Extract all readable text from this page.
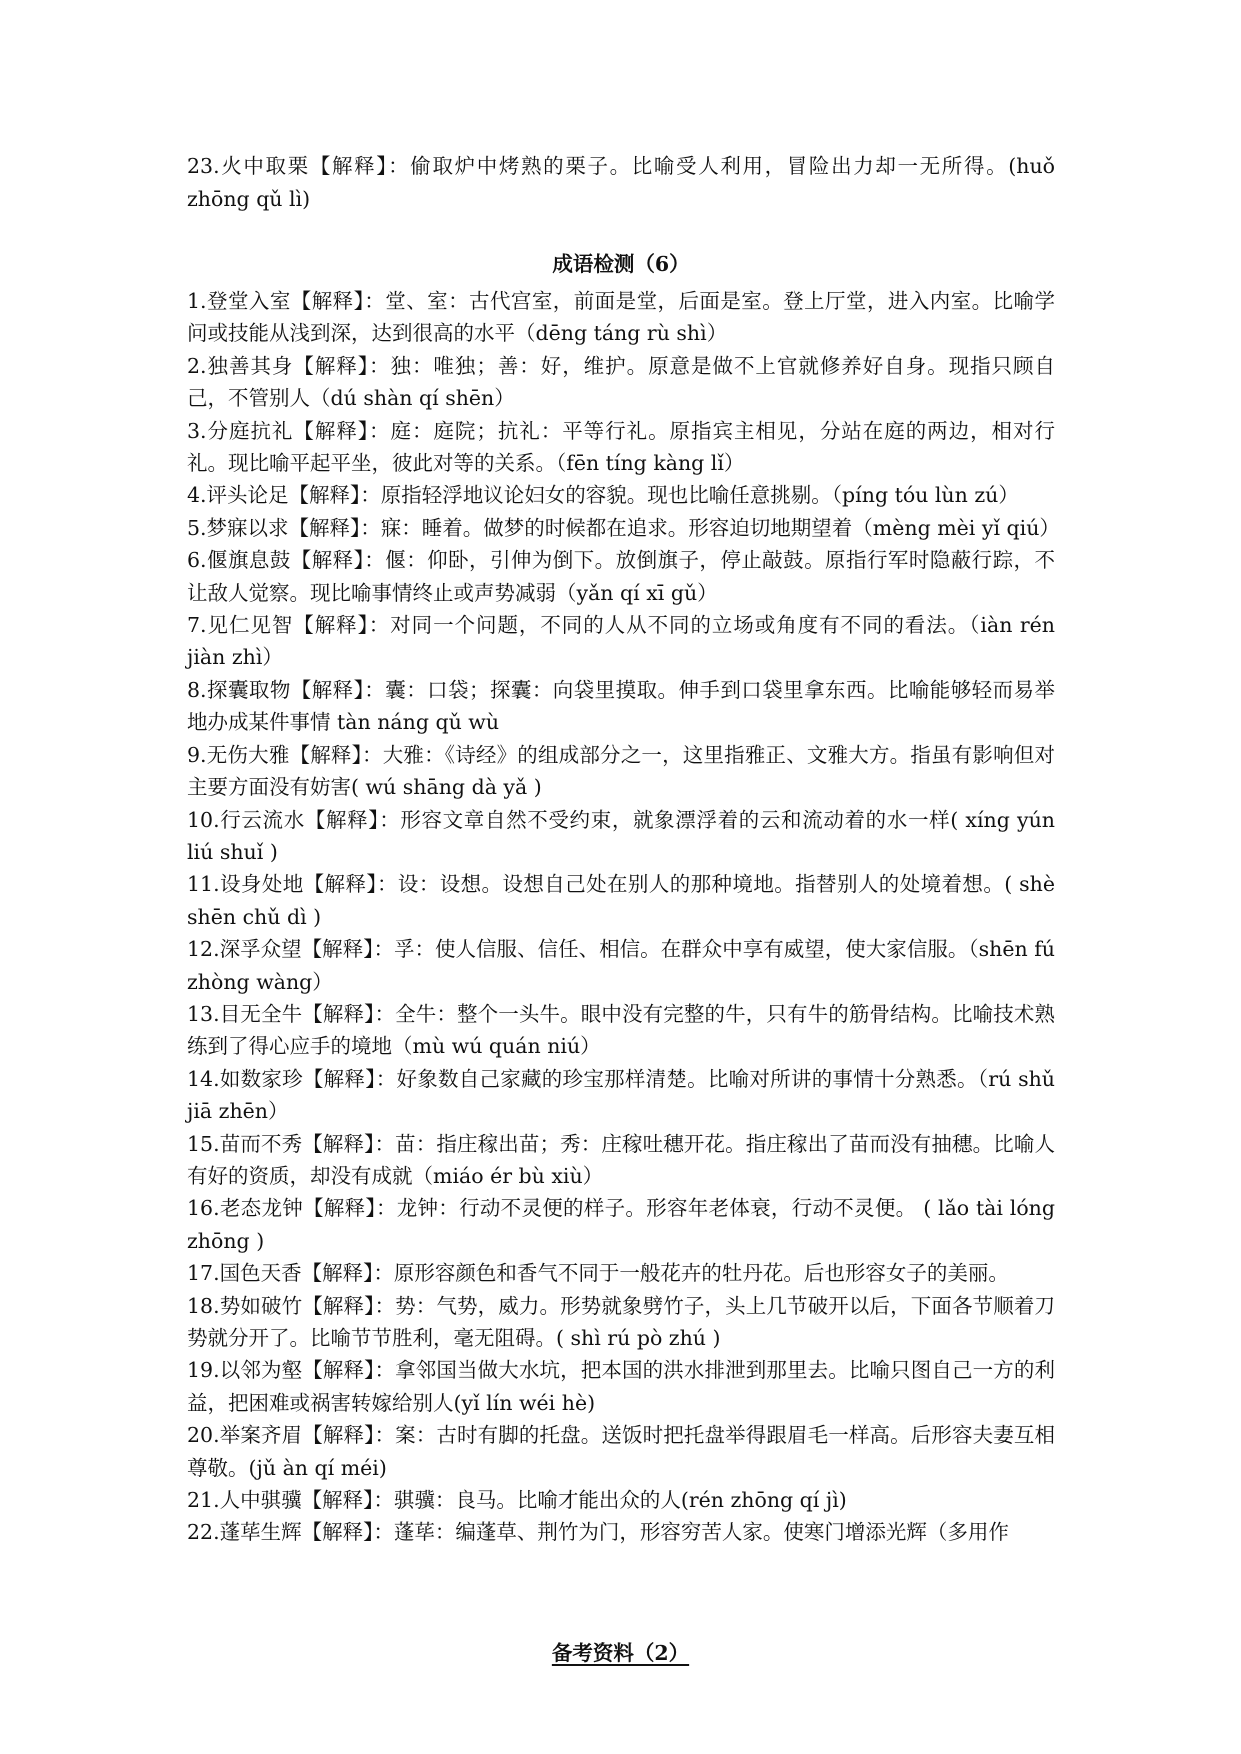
23.火中取栗【解释】：偷取炉中烤熟的栗子。比喻受人利用，冒险出力却一无所得。(huǒ zhōng qǔ lì)

成语检测（6）

1.登堂入室【解释】：堂、室：古代宫室，前面是堂，后面是室。登上厅堂，进入内室。比喻学问或技能从浅到深，达到很高的水平（dēng táng rù shì）

2.独善其身【解释】：独：唯独；善：好，维护。原意是做不上官就修养好自身。现指只顾自己，不管别人（dú shàn qí shēn）

3.分庭抗礼【解释】：庭：庭院；抗礼：平等行礼。原指宾主相见，分站在庭的两边，相对行礼。现比喻平起平坐，彼此对等的关系。（fēn tíng kàng lǐ）

4.评头论足【解释】：原指轻浮地议论妇女的容貌。现也比喻任意挑剔。（píng tóu lùn zú）

5.梦寐以求【解释】：寐：睡着。做梦的时候都在追求。形容迫切地期望着（mèng mèi yǐ qiú）

6.偃旗息鼓【解释】：偃：仰卧，引伸为倒下。放倒旗子，停止敲鼓。原指行军时隐蔽行踪，不让敌人觉察。现比喻事情终止或声势减弱（yǎn qí xī gǔ）

7.见仁见智【解释】：对同一个问题，不同的人从不同的立场或角度有不同的看法。（iàn rén jiàn zhì）

8.探囊取物【解释】：囊：口袋；探囊：向袋里摸取。伸手到口袋里拿东西。比喻能够轻而易举地办成某件事情 tàn náng qǔ wù

9.无伤大雅【解释】：大雅：《诗经》的组成部分之一，这里指雅正、文雅大方。指虽有影响但对主要方面没有妨害( wú shāng dà yǎ )

10.行云流水【解释】：形容文章自然不受约束，就象漂浮着的云和流动着的水一样( xíng yún liú shuǐ )

11.设身处地【解释】：设：设想。设想自己处在别人的那种境地。指替别人的处境着想。( shè shēn chǔ dì )

12.深孚众望【解释】：孚：使人信服、信任、相信。在群众中享有威望，使大家信服。（shēn fú zhòng wàng）

13.目无全牛【解释】：全牛：整个一头牛。眼中没有完整的牛，只有牛的筋骨结构。比喻技术熟练到了得心应手的境地（mù wú quán niú）

14.如数家珍【解释】：好象数自己家藏的珍宝那样清楚。比喻对所讲的事情十分熟悉。（rú shǔ jiā zhēn）

15.苗而不秀【解释】：苗：指庄稼出苗；秀：庄稼吐穗开花。指庄稼出了苗而没有抽穗。比喻人有好的资质，却没有成就（miáo ér bù xiù）

16.老态龙钟【解释】：龙钟：行动不灵便的样子。形容年老体衰，行动不灵便。 ( lǎo tài lóng zhōng )

17.国色天香【解释】：原形容颜色和香气不同于一般花卉的牡丹花。后也形容女子的美丽。

18.势如破竹【解释】：势：气势，威力。形势就象劈竹子，头上几节破开以后，下面各节顺着刀势就分开了。比喻节节胜利，毫无阻碍。( shì rú pò zhú )

19.以邻为壑【解释】：拿邻国当做大水坑，把本国的洪水排泄到那里去。比喻只图自己一方的利益，把困难或祸害转嫁给别人(yǐ lín wéi hè)

20.举案齐眉【解释】：案：古时有脚的托盘。送饭时把托盘举得跟眉毛一样高。后形容夫妻互相尊敬。(jǔ àn qí méi)

21.人中骐骥【解释】：骐骥：良马。比喻才能出众的人(rén zhōng qí jì)

22.蓬荜生辉【解释】：蓬荜：编蓬草、荆竹为门，形容穷苦人家。使寒门增添光辉（多用作

备考资料（2）
